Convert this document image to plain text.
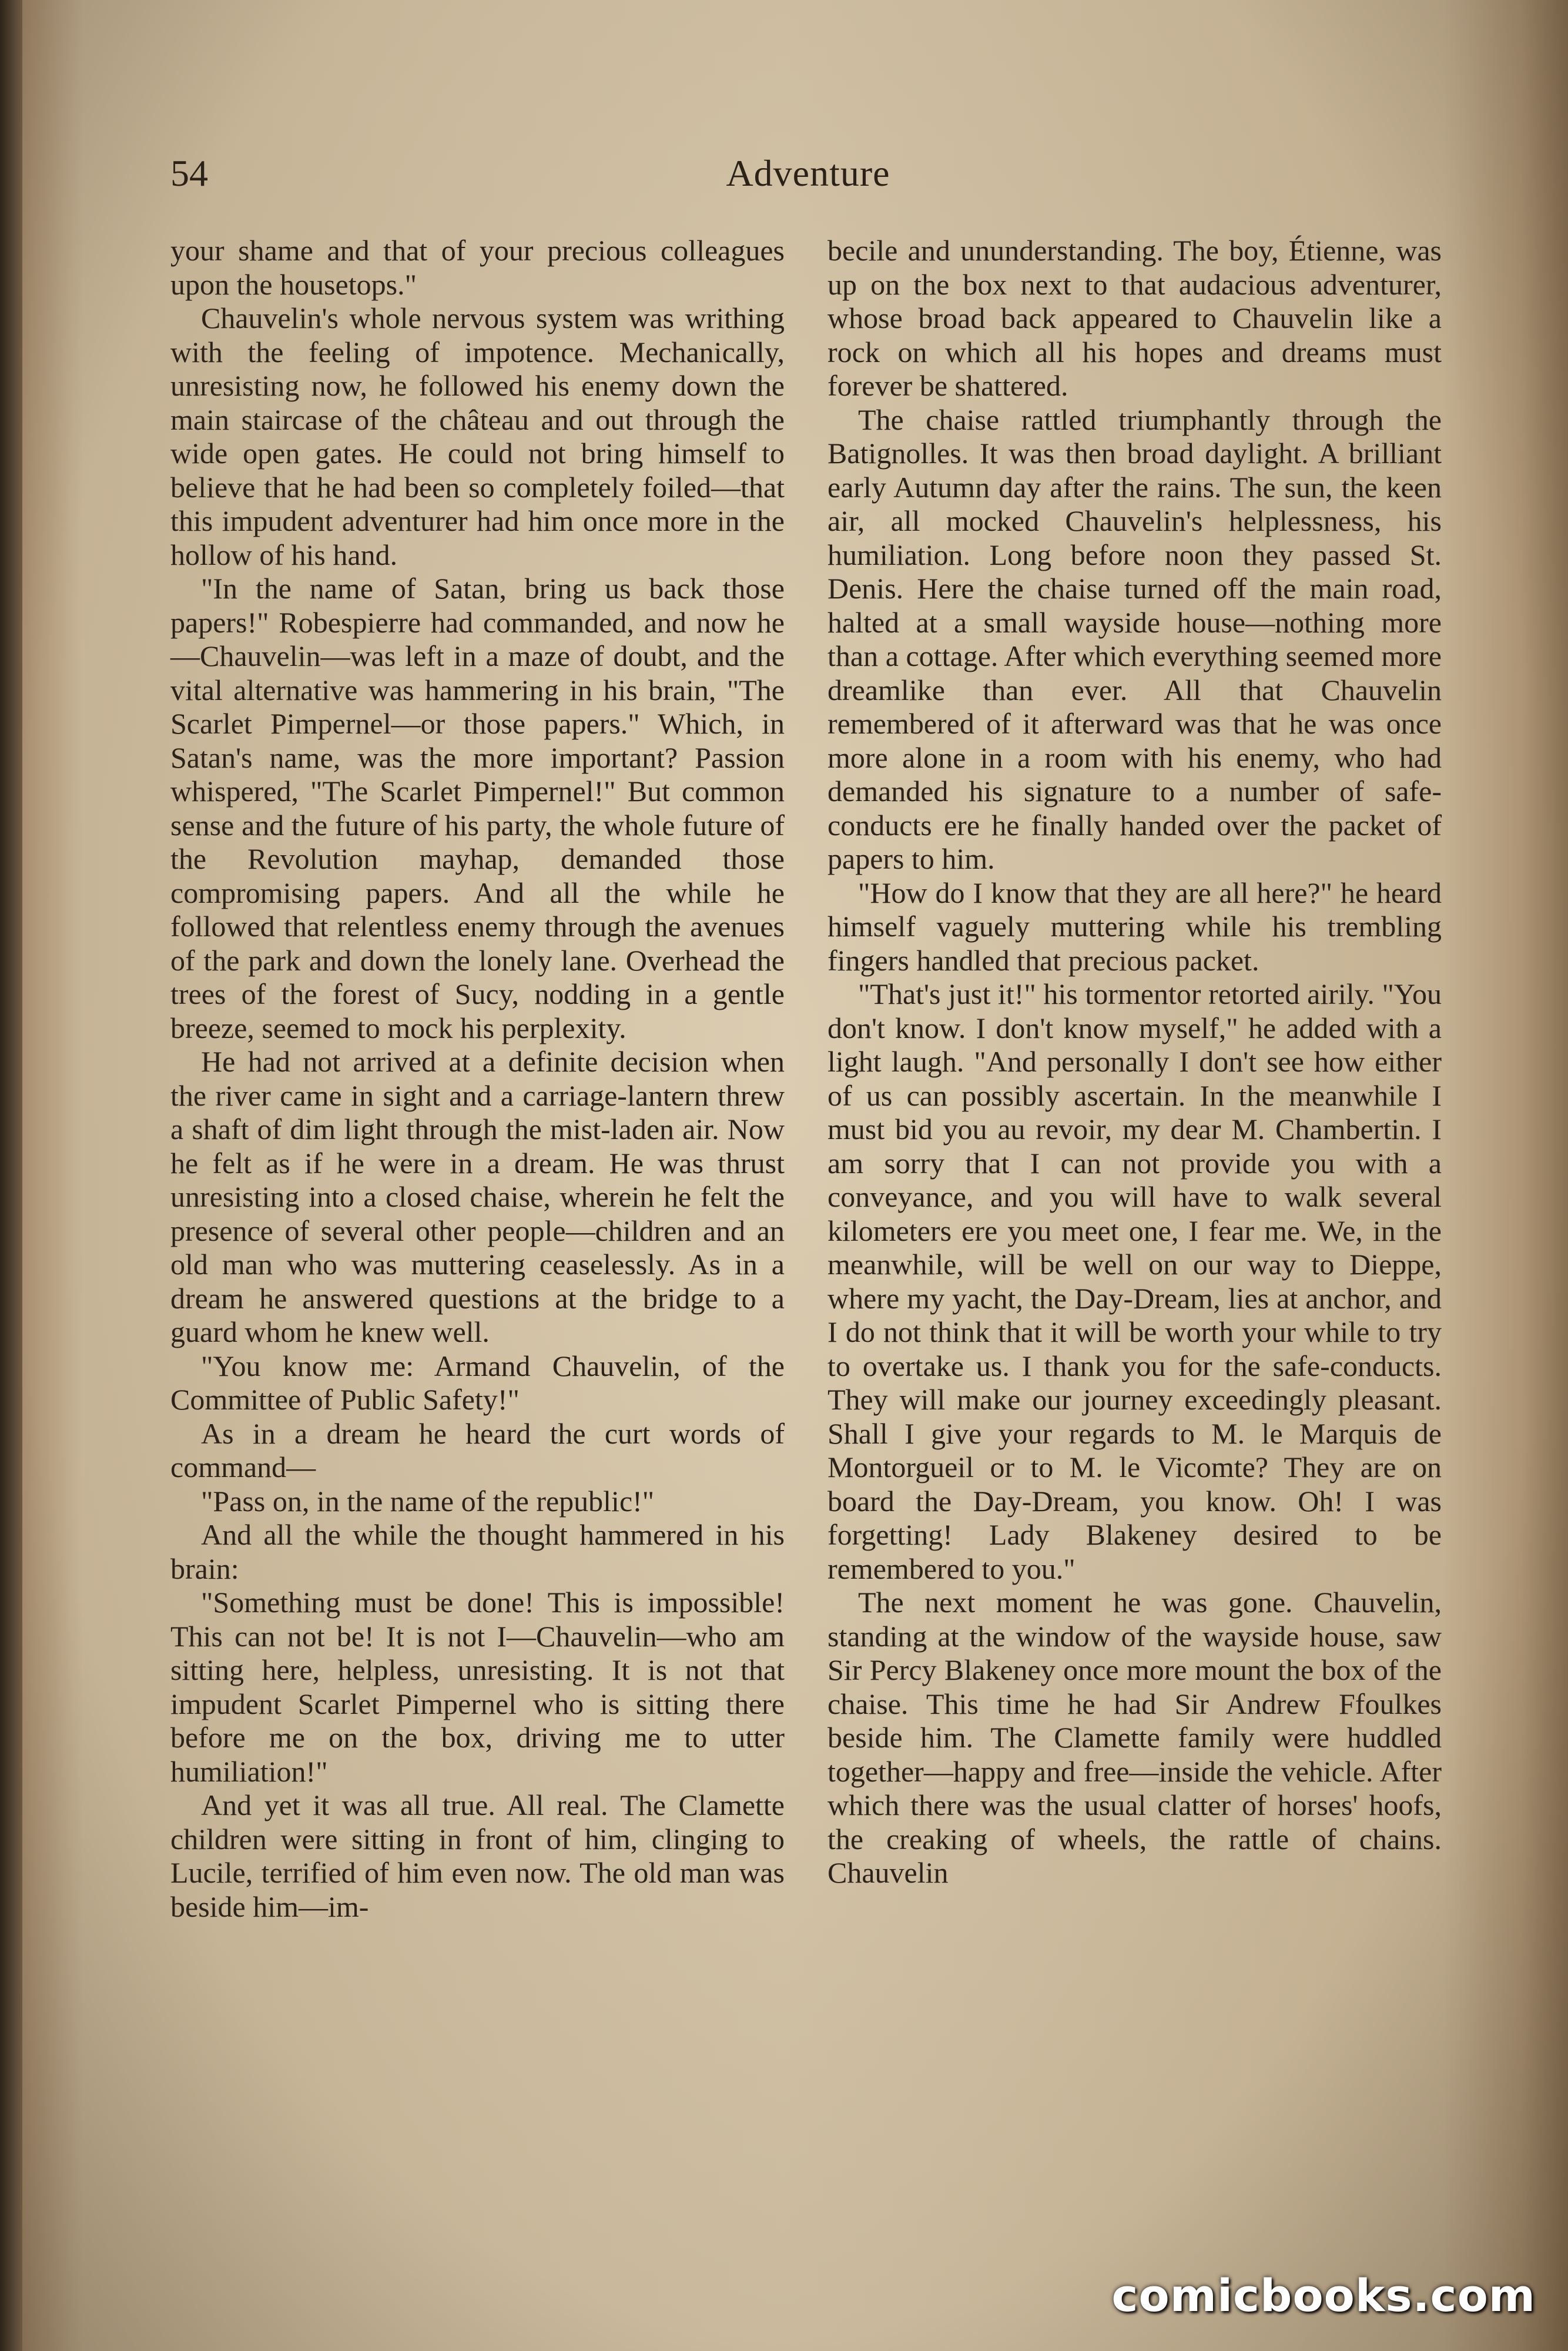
54	Adventure

your shame and that of your precious colleagues upon the housetops."

Chauvelin's whole nervous system was writhing with the feeling of impotence. Mechanically, unresisting now, he followed his enemy down the main staircase of the château and out through the wide open gates. He could not bring himself to believe that he had been so completely foiled—that this impudent adventurer had him once more in the hollow of his hand.

"In the name of Satan, bring us back those papers!" Robespierre had commanded, and now he—Chauvelin—was left in a maze of doubt, and the vital alternative was hammering in his brain, "The Scarlet Pimpernel—or those papers." Which, in Satan's name, was the more important? Passion whispered, "The Scarlet Pimpernel!" But common sense and the future of his party, the whole future of the Revolution mayhap, demanded those compromising papers. And all the while he followed that relentless enemy through the avenues of the park and down the lonely lane. Overhead the trees of the forest of Sucy, nodding in a gentle breeze, seemed to mock his perplexity.

He had not arrived at a definite decision when the river came in sight and a carriage-lantern threw a shaft of dim light through the mist-laden air. Now he felt as if he were in a dream. He was thrust unresisting into a closed chaise, wherein he felt the presence of several other people—children and an old man who was muttering ceaselessly. As in a dream he answered questions at the bridge to a guard whom he knew well.

"You know me: Armand Chauvelin, of the Committee of Public Safety!"

As in a dream he heard the curt words of command—

"Pass on, in the name of the republic!"

And all the while the thought hammered in his brain:

"Something must be done! This is impossible! This can not be! It is not I—Chauvelin—who am sitting here, helpless, unresisting. It is not that impudent Scarlet Pimpernel who is sitting there before me on the box, driving me to utter humiliation!"

And yet it was all true. All real. The Clamette children were sitting in front of him, clinging to Lucile, terrified of him even now. The old man was beside him—im-

becile and ununderstanding. The boy, Étienne, was up on the box next to that audacious adventurer, whose broad back appeared to Chauvelin like a rock on which all his hopes and dreams must forever be shattered.

The chaise rattled triumphantly through the Batignolles. It was then broad daylight. A brilliant early Autumn day after the rains. The sun, the keen air, all mocked Chauvelin's helplessness, his humiliation. Long before noon they passed St. Denis. Here the chaise turned off the main road, halted at a small wayside house—nothing more than a cottage. After which everything seemed more dreamlike than ever. All that Chauvelin remembered of it afterward was that he was once more alone in a room with his enemy, who had demanded his signature to a number of safe-conducts ere he finally handed over the packet of papers to him.

"How do I know that they are all here?" he heard himself vaguely muttering while his trembling fingers handled that precious packet.

"That's just it!" his tormentor retorted airily. "You don't know. I don't know myself," he added with a light laugh. "And personally I don't see how either of us can possibly ascertain. In the meanwhile I must bid you au revoir, my dear M. Chambertin. I am sorry that I can not provide you with a conveyance, and you will have to walk several kilometers ere you meet one, I fear me. We, in the meanwhile, will be well on our way to Dieppe, where my yacht, the Day-Dream, lies at anchor, and I do not think that it will be worth your while to try to overtake us. I thank you for the safe-conducts. They will make our journey exceedingly pleasant. Shall I give your regards to M. le Marquis de Montorgueil or to M. le Vicomte? They are on board the Day-Dream, you know. Oh! I was forgetting! Lady Blakeney desired to be remembered to you."

The next moment he was gone. Chauvelin, standing at the window of the wayside house, saw Sir Percy Blakeney once more mount the box of the chaise. This time he had Sir Andrew Ffoulkes beside him. The Clamette family were huddled together—happy and free—inside the vehicle. After which there was the usual clatter of horses' hoofs, the creaking of wheels, the rattle of chains. Chauvelin

comicbooks.com
